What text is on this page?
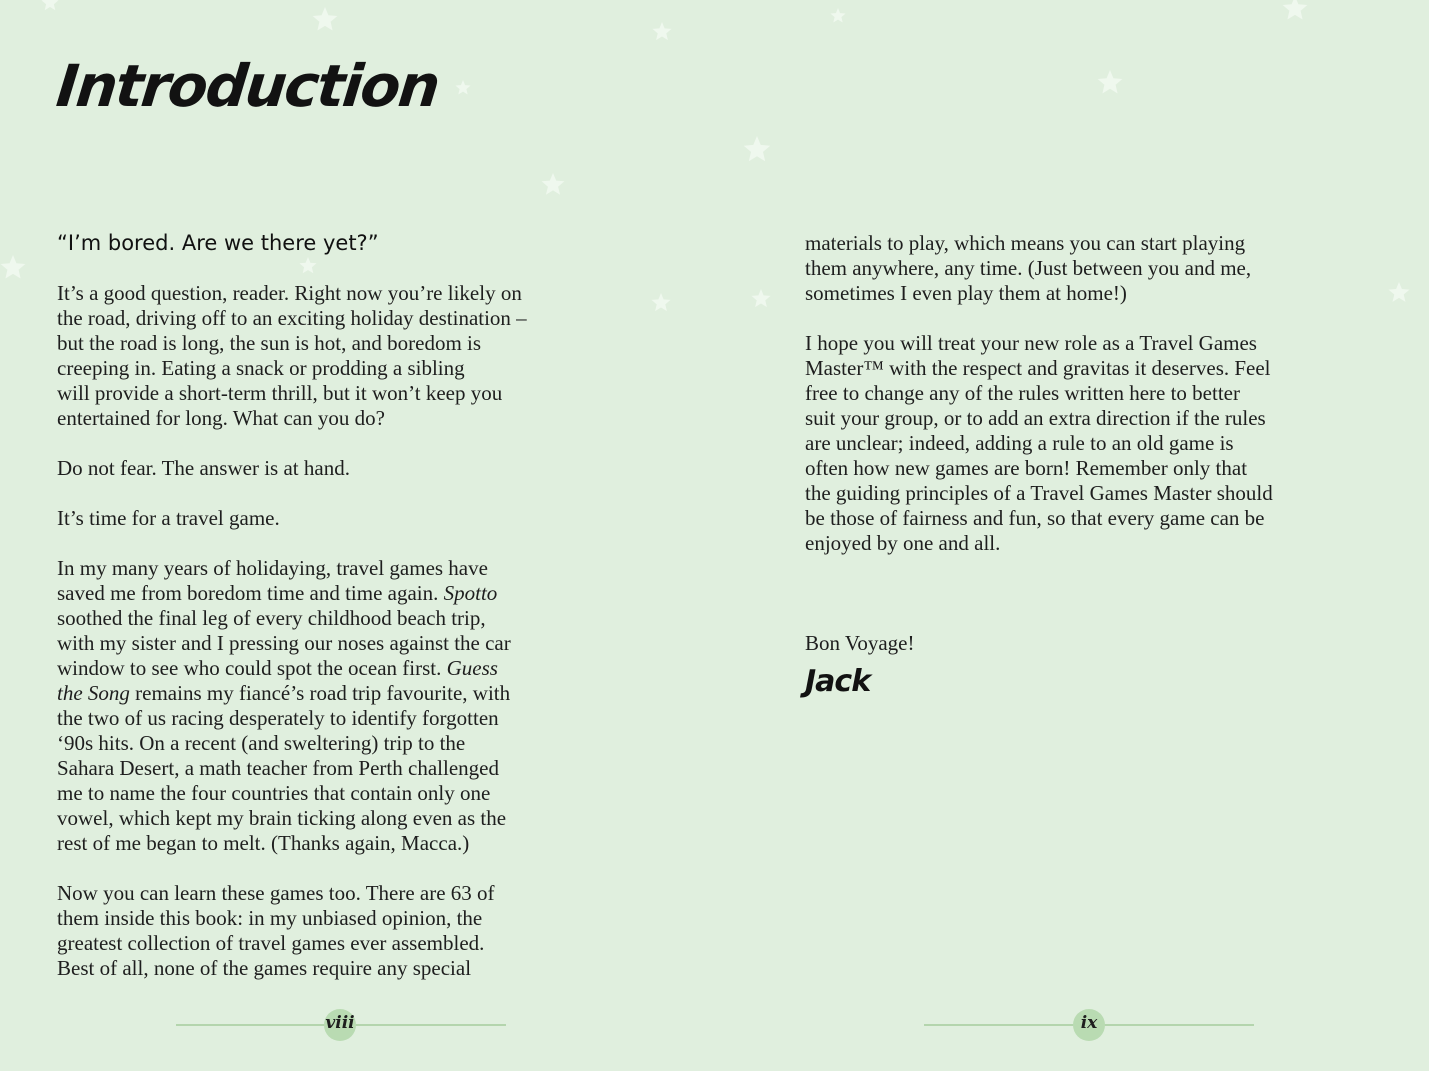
Introduction
“I’m bored. Are we there yet?”

It’s a good question, reader. Right now you’re likely on
the road, driving off to an exciting holiday destination –
but the road is long, the sun is hot, and boredom is
creeping in. Eating a snack or prodding a sibling
will provide a short-term thrill, but it won’t keep you
entertained for long. What can you do?

Do not fear. The answer is at hand.

It’s time for a travel game.

In my many years of holidaying, travel games have
saved me from boredom time and time again. Spotto
soothed the final leg of every childhood beach trip,
with my sister and I pressing our noses against the car
window to see who could spot the ocean first. Guess
the Song remains my fiancé’s road trip favourite, with
the two of us racing desperately to identify forgotten
‘90s hits. On a recent (and sweltering) trip to the
Sahara Desert, a math teacher from Perth challenged
me to name the four countries that contain only one
vowel, which kept my brain ticking along even as the
rest of me began to melt. (Thanks again, Macca.)

Now you can learn these games too. There are 63 of
them inside this book: in my unbiased opinion, the
greatest collection of travel games ever assembled.
Best of all, none of the games require any special

materials to play, which means you can start playing
them anywhere, any time. (Just between you and me,
sometimes I even play them at home!)

I hope you will treat your new role as a Travel Games
Master™ with the respect and gravitas it deserves. Feel
free to change any of the rules written here to better
suit your group, or to add an extra direction if the rules
are unclear; indeed, adding a rule to an old game is
often how new games are born! Remember only that
the guiding principles of a Travel Games Master should
be those of fairness and fun, so that every game can be
enjoyed by one and all.

Bon Voyage!

Jack
viii	ix
